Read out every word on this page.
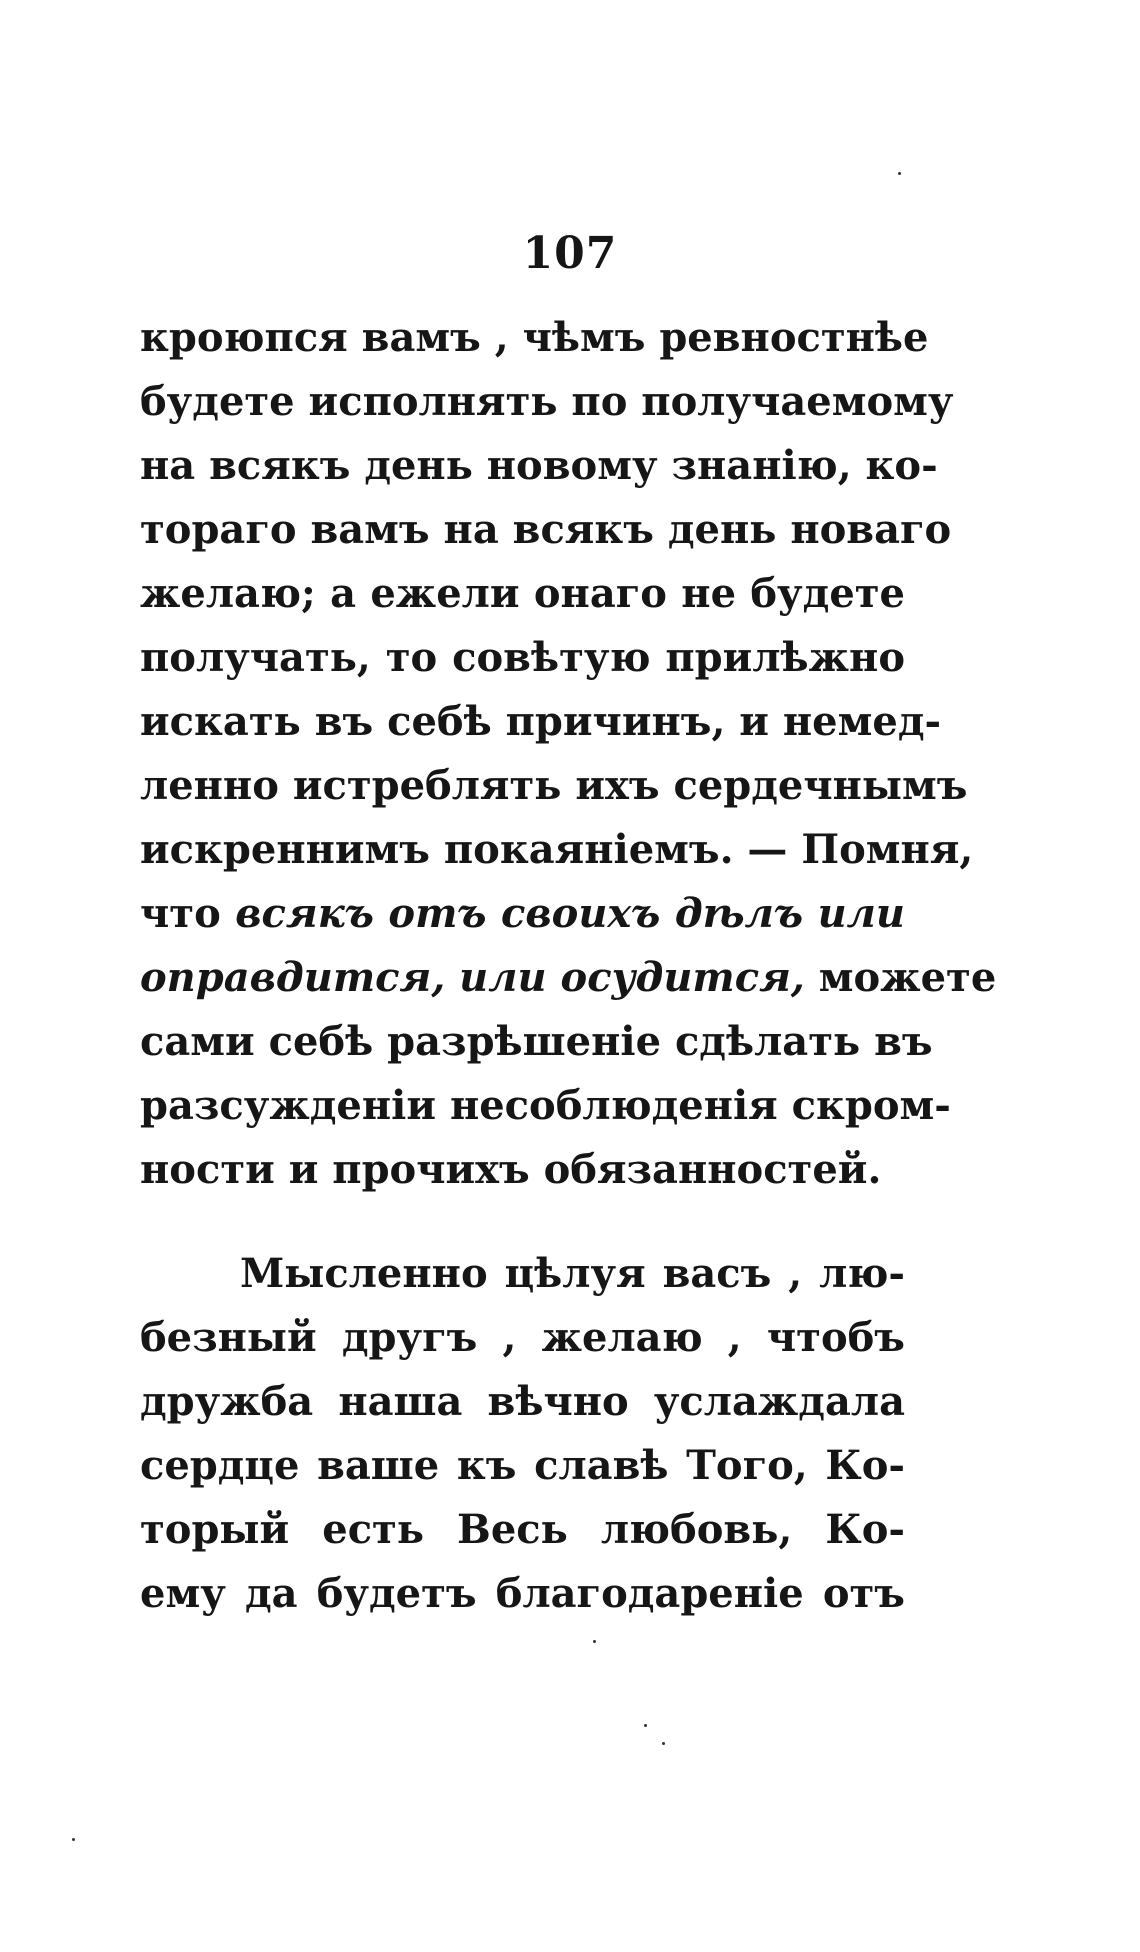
107
кроюпся вамъ , чѣмъ ревностнѣе
будете исполнять по получаемому
на всякъ день новому знанію, ко-
тораго вамъ на всякъ день новаго
желаю; а ежели онаго не будете
получать, то совѣтую прилѣжно
искать въ себѣ причинъ, и немед-
ленно истреблять ихъ сердечнымъ
искреннимъ покаяніемъ. — Помня,
что всякъ отъ своихъ дѣлъ или
оправдится, или осудится, можете
сами себѣ разрѣшеніе сдѣлать въ
разсужденіи несоблюденія скром-
ности и прочихъ обязанностей.
Мысленно цѣлуя васъ , лю-
безный другъ , желаю , чтобъ
дружба наша вѣчно услаждала
сердце ваше къ славѣ Того, Ко-
торый есть Весь любовь, Ко-
ему да будетъ благодареніе отъ
